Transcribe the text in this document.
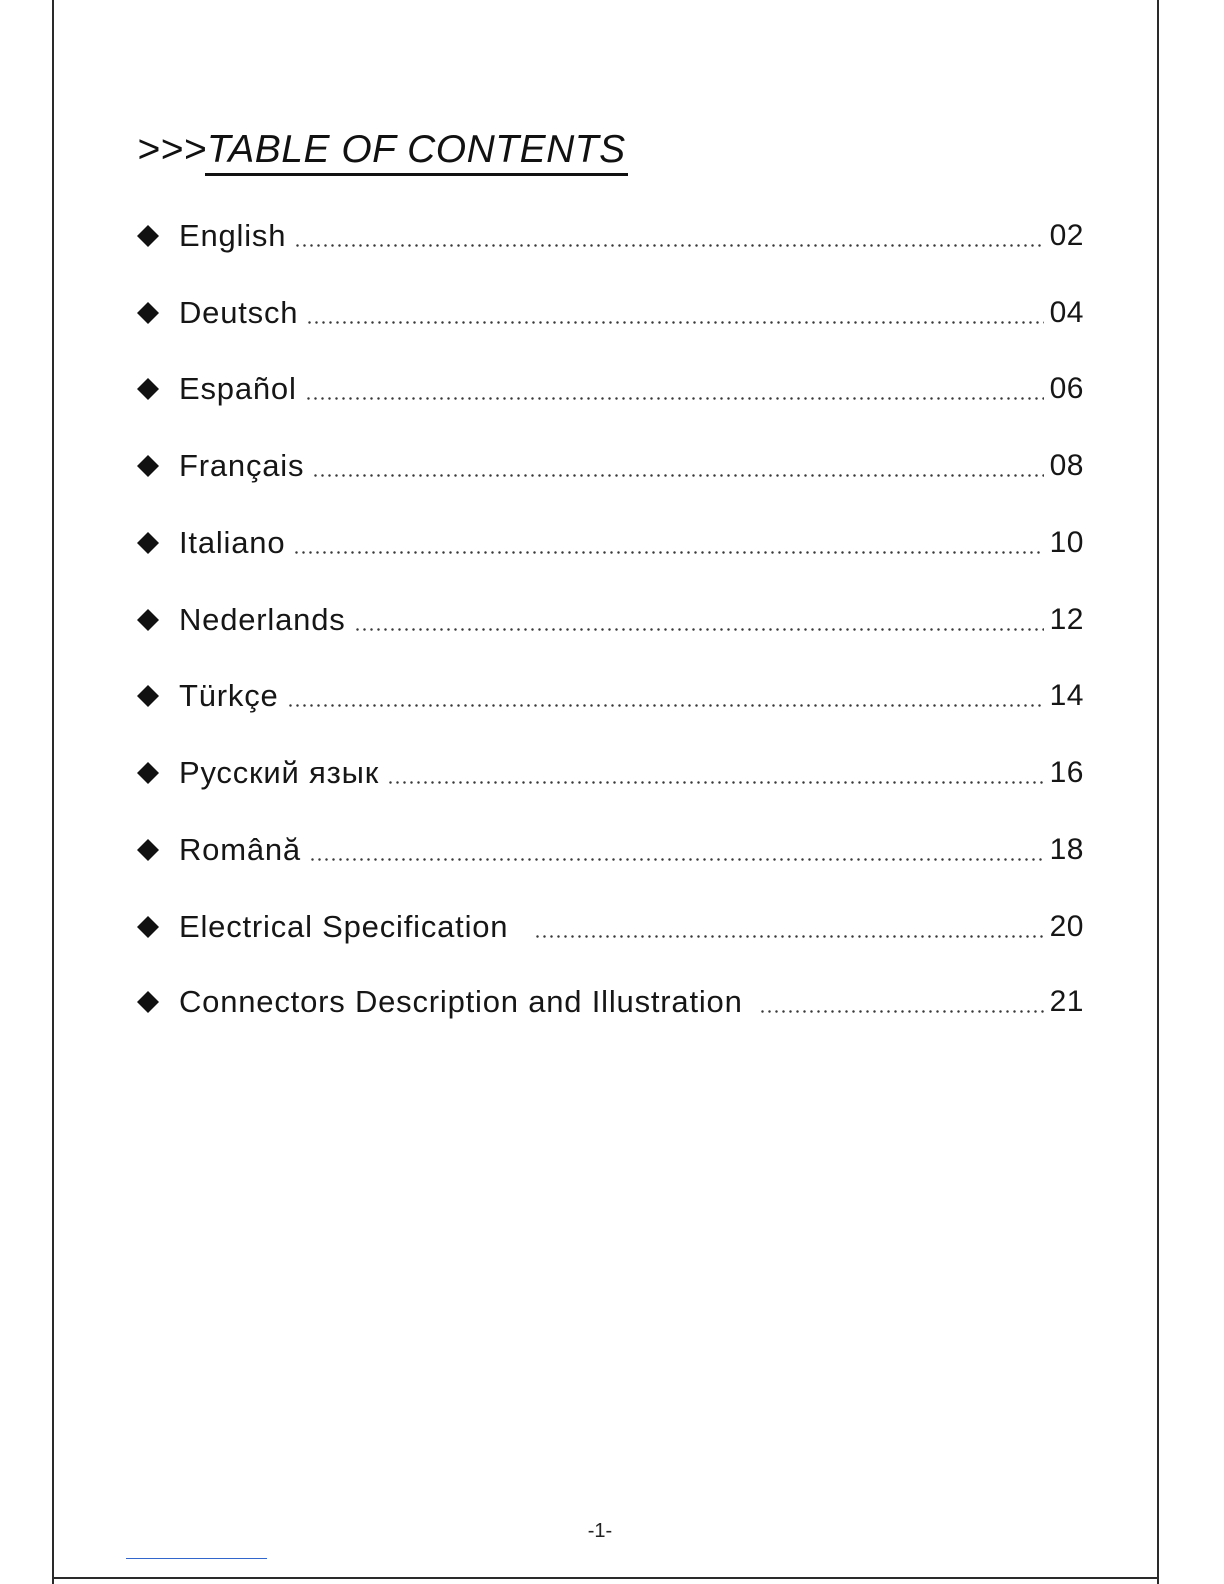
>>>TABLE OF CONTENTS
English	02
Deutsch	04
Español	06
Français	08
Italiano	10
Nederlands	12
Türkçe	14
Русский язык	16
Română	18
Electrical Specification	20
Connectors Description and Illustration	21
-1-
